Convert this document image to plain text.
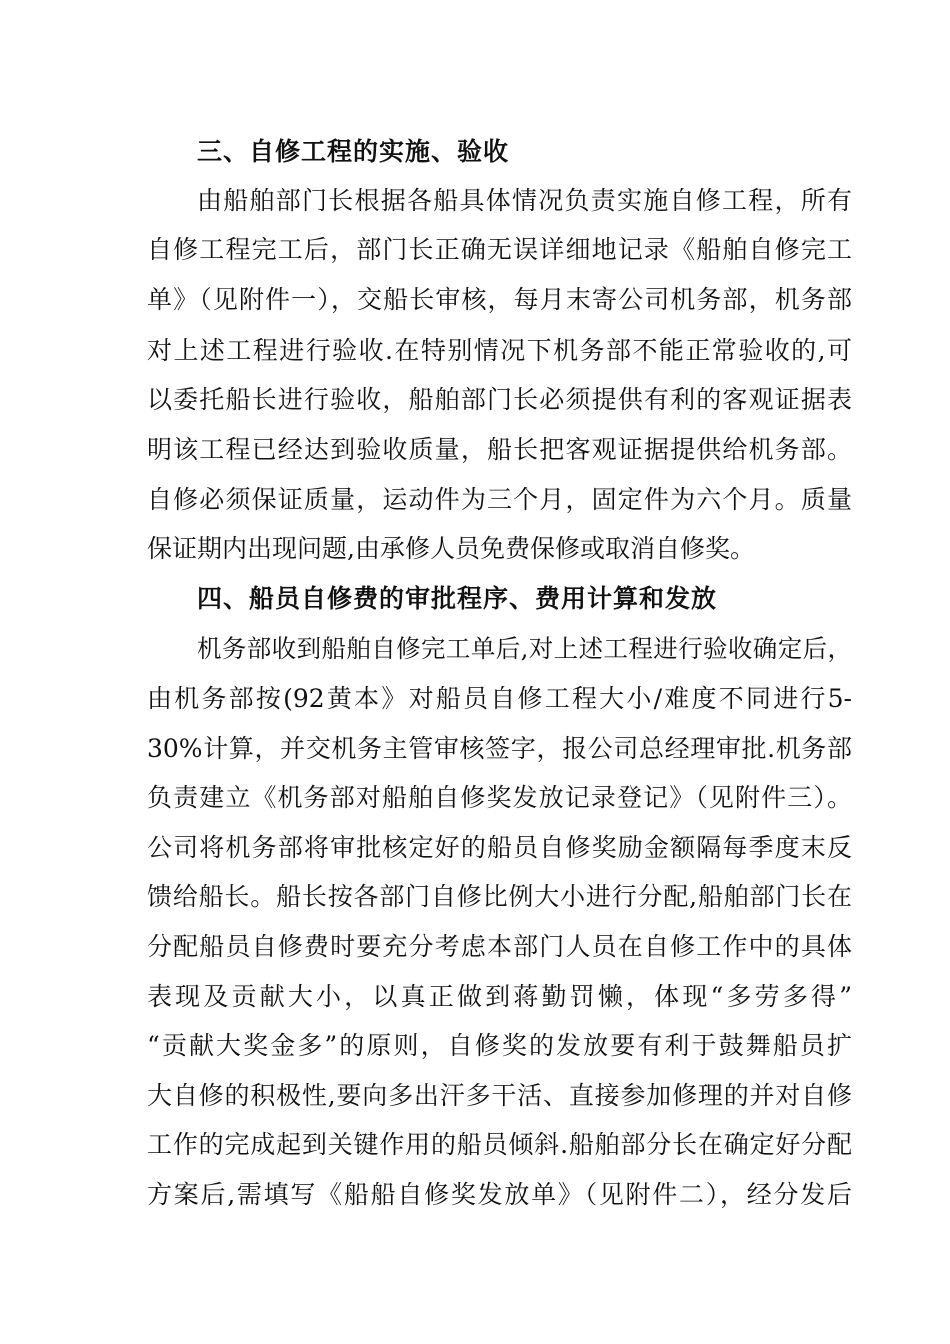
三、自修工程的实施、验收
由船舶部门长根据各船具体情况负责实施自修工程，所有
自修工程完工后，部门长正确无误详细地记录《船舶自修完工
单》（见附件一），交船长审核，每月末寄公司机务部，机务部
对上述工程进行验收.在特别情况下机务部不能正常验收的,可
以委托船长进行验收，船舶部门长必须提供有利的客观证据表
明该工程已经达到验收质量，船长把客观证据提供给机务部。
自修必须保证质量，运动件为三个月，固定件为六个月。质量
保证期内出现问题,由承修人员免费保修或取消自修奖。
四、船员自修费的审批程序、费用计算和发放
机务部收到船舶自修完工单后,对上述工程进行验收确定后，
由机务部按(92黄本》对船员自修工程大小/难度不同进行5-
30%计算，并交机务主管审核签字，报公司总经理审批.机务部
负责建立《机务部对船舶自修奖发放记录登记》（见附件三）。
公司将机务部将审批核定好的船员自修奖励金额隔每季度末反
馈给船长。船长按各部门自修比例大小进行分配,船舶部门长在
分配船员自修费时要充分考虑本部门人员在自修工作中的具体
表现及贡献大小，以真正做到蒋勤罚懒，体现“多劳多得”
“贡献大奖金多”的原则，自修奖的发放要有利于鼓舞船员扩
大自修的积极性,要向多出汗多干活、直接参加修理的并对自修
工作的完成起到关键作用的船员倾斜.船舶部分长在确定好分配
方案后,需填写《船船自修奖发放单》（见附件二），经分发后
